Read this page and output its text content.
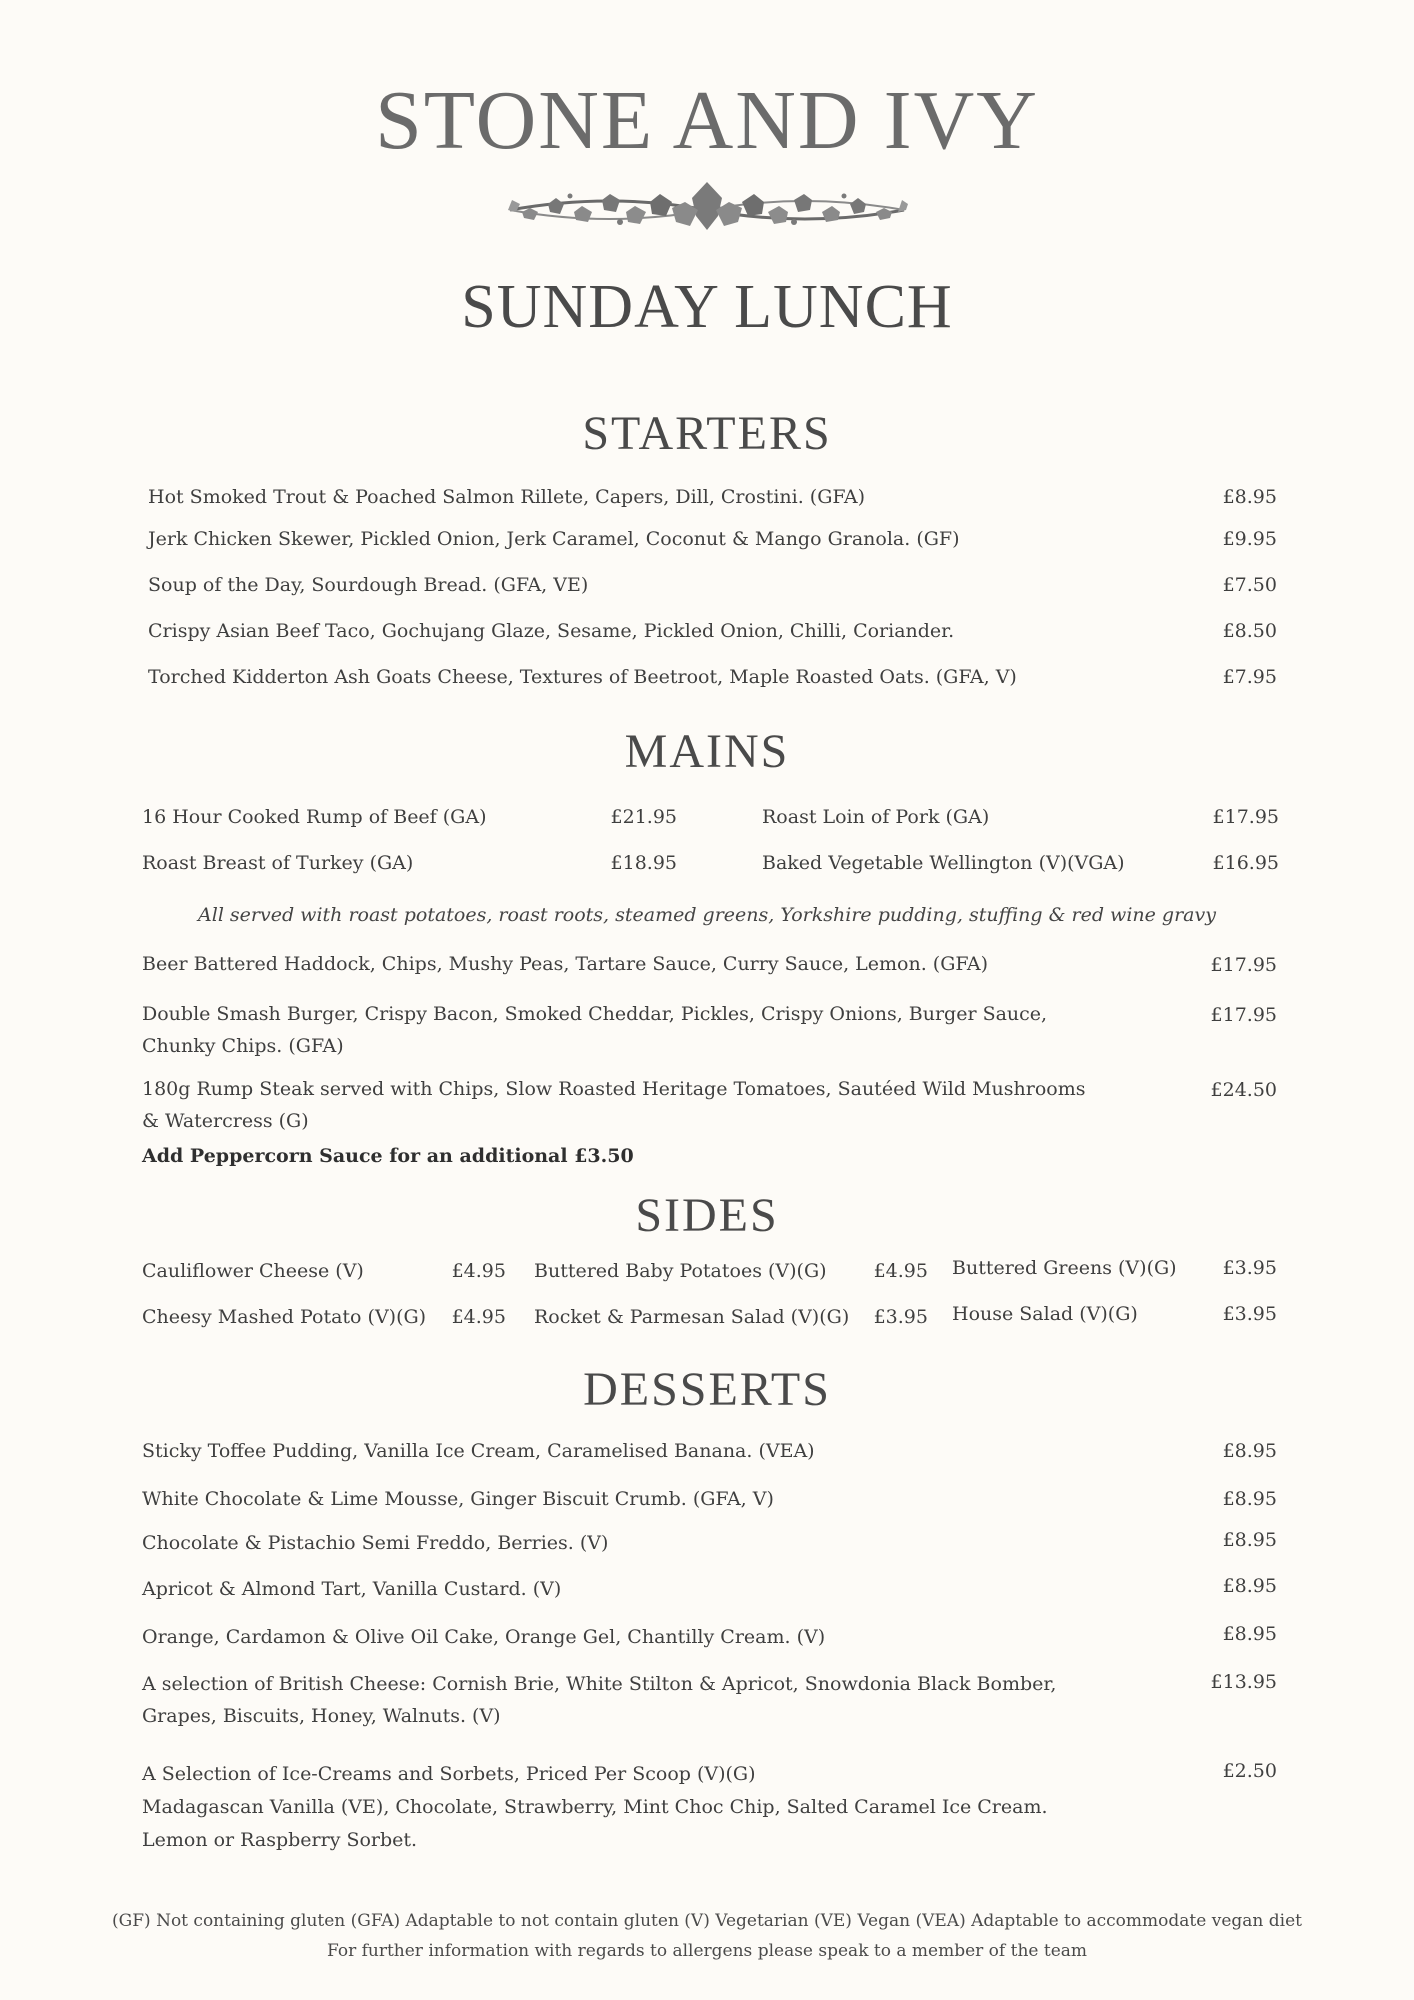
STONE AND IVY
SUNDAY LUNCH
STARTERS
Hot Smoked Trout & Poached Salmon Rillete, Capers, Dill, Crostini. (GFA)	£8.95
Jerk Chicken Skewer, Pickled Onion, Jerk Caramel, Coconut & Mango Granola. (GF)	£9.95
Soup of the Day, Sourdough Bread. (GFA, VE)	£7.50
Crispy Asian Beef Taco, Gochujang Glaze, Sesame, Pickled Onion, Chilli, Coriander.	£8.50
Torched Kidderton Ash Goats Cheese, Textures of Beetroot, Maple Roasted Oats. (GFA, V)	£7.95
MAINS
16 Hour Cooked Rump of Beef (GA)	£21.95	Roast Loin of Pork (GA)	£17.95
Roast Breast of Turkey (GA)	£18.95	Baked Vegetable Wellington (V)(VGA)	£16.95
All served with roast potatoes, roast roots, steamed greens, Yorkshire pudding, stuffing & red wine gravy
Beer Battered Haddock, Chips, Mushy Peas, Tartare Sauce, Curry Sauce, Lemon. (GFA)	£17.95
Double Smash Burger, Crispy Bacon, Smoked Cheddar, Pickles, Crispy Onions, Burger Sauce, Chunky Chips. (GFA)
£17.95
180g Rump Steak served with Chips, Slow Roasted Heritage Tomatoes, Sautéed Wild Mushrooms & Watercress (G)
£24.50
Add Peppercorn Sauce for an additional £3.50
SIDES
Cauliflower Cheese (V)	£4.95 Buttered Baby Potatoes (V)(G)	£4.95 Buttered Greens (V)(G)	£3.95
Cheesy Mashed Potato (V)(G)	£4.95 Rocket & Parmesan Salad (V)(G)	£3.95 House Salad (V)(G)	£3.95
DESSERTS
Sticky Toffee Pudding, Vanilla Ice Cream, Caramelised Banana. (VEA)	£8.95
White Chocolate & Lime Mousse, Ginger Biscuit Crumb. (GFA, V)	£8.95
Chocolate & Pistachio Semi Freddo, Berries. (V)	£8.95
Apricot & Almond Tart, Vanilla Custard. (V)	£8.95
Orange, Cardamon & Olive Oil Cake, Orange Gel, Chantilly Cream. (V)	£8.95
A selection of British Cheese: Cornish Brie, White Stilton & Apricot, Snowdonia Black Bomber, Grapes, Biscuits, Honey, Walnuts. (V)
£13.95
A Selection of Ice-Creams and Sorbets, Priced Per Scoop (V)(G)	£2.50
Madagascan Vanilla (VE), Chocolate, Strawberry, Mint Choc Chip, Salted Caramel Ice Cream.
Lemon or Raspberry Sorbet.
(GF) Not containing gluten (GFA) Adaptable to not contain gluten (V) Vegetarian (VE) Vegan (VEA) Adaptable to accommodate vegan diet
For further information with regards to allergens please speak to a member of the team
